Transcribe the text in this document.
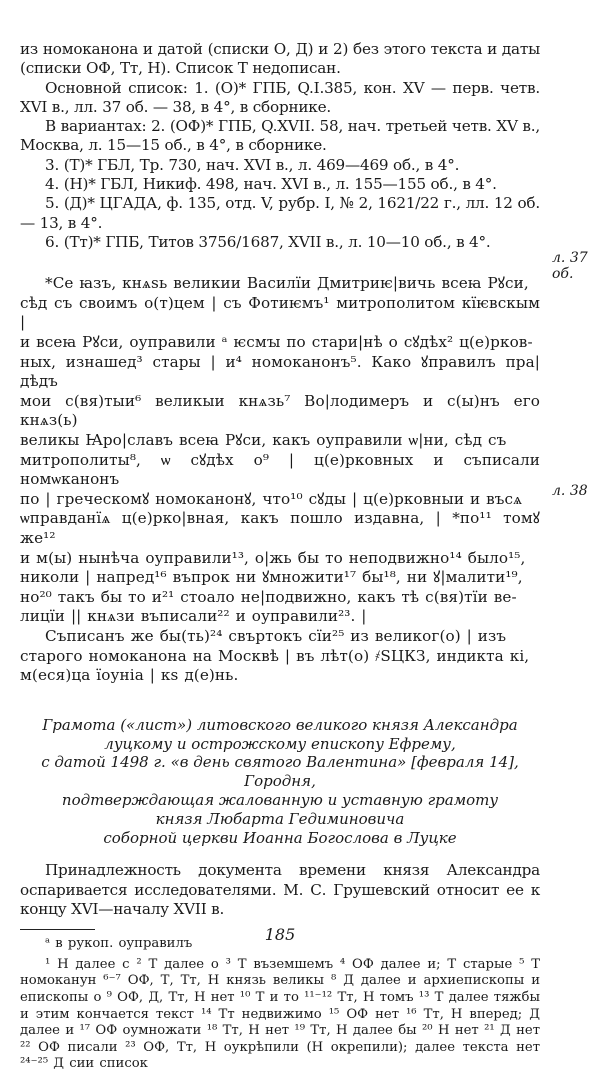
из номоканона и датой (списки О, Д) и 2) без этого текста и даты (списки ОФ, Тт, Н). Список Т недописан.

Основной список: 1. (О)* ГПБ, Q.I.385, кон. XV — перв. четв. XVI в., лл. 37 об. — 38, в 4°, в сборнике.

В вариантах: 2. (ОФ)* ГПБ, Q.XVII. 58, нач. третьей четв. XV в., Москва, л. 15—15 об., в 4°, в сборнике.

3. (Т)* ГБЛ, Тр. 730, нач. XVI в., л. 469—469 об., в 4°.

4. (Н)* ГБЛ, Никиф. 498, нач. XVI в., л. 155—155 об., в 4°.

5. (Д)* ЦГАДА, ф. 135, отд. V, рубр. I, № 2, 1621/22 г., лл. 12 об. — 13, в 4°.

6. (Тт)* ГПБ, Титов 3756/1687, XVII в., л. 10—10 об., в 4°.

*Се ꙗзъ, кнѧѕь великии Василїи Дмитриѥ|вичь всеꙗ Рꙋси,

сѣд съ своимъ о(т)цем | съ Фотиѥмъ¹ митрополитом кїѥвскым |

и всеꙗ Рꙋси, оуправили ᵃ ѥсмꙑ по стари|нѣ о сꙋдѣх² ц(е)рков-

ных, изнашед³ стары | и⁴ номоканонъ⁵. Како ꙋправилъ пра|дѣдъ

мои с(вя)тыи⁶ великыи кнѧзь⁷ Во|лодимеръ и с(ы)нъ его кнѧз(ь)

великы Ꙗро|славъ всеꙗ Рꙋси, какъ оуправили ѡ|ни, сѣд съ

митрополиты⁸, ѡ сꙋдѣх о⁹ | ц(е)рковных и съписали номѡканонъ

по | греческомꙋ номоканонꙋ, что¹⁰ сꙋды | ц(е)рковныи и въсѧ

ѡправданїѧ ц(е)рко|вная, какъ пошло издавна, | *по¹¹ томꙋ же¹²

и м(ы) нынѣча оуправили¹³, о|жь бы то неподвижно¹⁴ было¹⁵,

николи | напред¹⁶ въпрок ни ꙋмножити¹⁷ бы¹⁸, ни ꙋ|малити¹⁹,

но²⁰ такъ бы то и²¹ стоало не|подвижно, какъ тѣ с(вя)тїи ве-

лицїи || кнѧзи въписали²² и оуправили²³. |

Съписанъ же бы(ть)²⁴ свъртокъ сїи²⁵ из великог(о) | изъ

старого номоканона на Москвѣ | въ лѣт(о) ҂ЅЦКЗ, индикта кі,

м(еся)ца їоуніа | кѕ д(е)нь.

Грамота («лист») литовского великого князя Александра

луцкому и острожскому епископу Ефрему,

с датой 1498 г. «в день святого Валентина» [февраля 14], Городня,

подтверждающая жалованную и уставную грамоту

князя Любарта Гедиминовича

соборной церкви Иоанна Богослова в Луцке

Принадлежность документа времени князя Александра оспаривается исследователями. М. С. Грушевский относит ее к концу XVI—началу XVII в.

ᵃ в рукоп. оуправилъ

¹ Н далее с ² Т далее о ³ Т въземшемъ ⁴ ОФ далее и; Т старые ⁵ Т номоканун ⁶⁻⁷ ОФ, Т, Тт, Н князь великы ⁸ Д далее и архиепископы и епископы о ⁹ ОФ, Д, Тт, Н нет ¹⁰ Т и то ¹¹⁻¹² Тт, Н томъ ¹³ Т далее тяжбы и этим кончается текст ¹⁴ Тт недвижимо ¹⁵ ОФ нет ¹⁶ Тт, Н вперед; Д далее и ¹⁷ ОФ оумножати ¹⁸ Тт, Н нет ¹⁹ Тт, Н далее бы ²⁰ Н нет ²¹ Д нет ²² ОФ писали ²³ ОФ, Тт, Н оукрѣпили (Н окрепили); далее текста нет ²⁴⁻²⁵ Д сии список

л. 37 об.
л. 38
185
